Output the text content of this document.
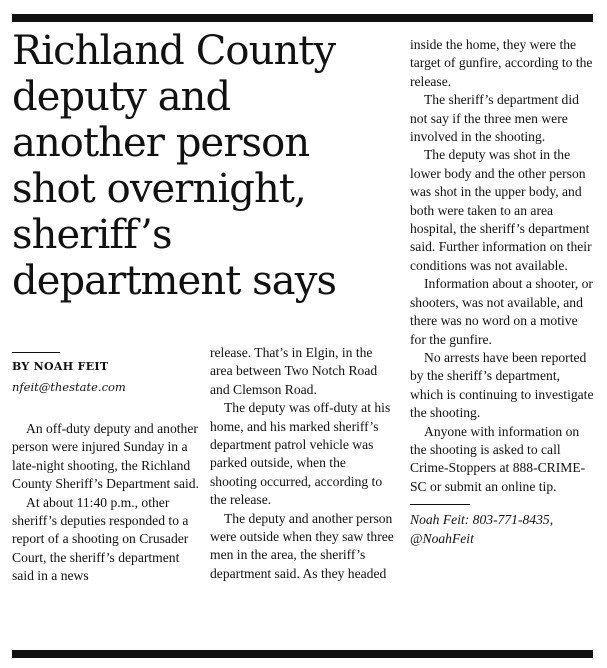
Richland County deputy and another person shot overnight, sheriff’s department says
BY NOAH FEIT
nfeit@thestate.com

An off-duty deputy and another person were injured Sunday in a late-night shooting, the Richland County Sheriff’s Department said.

At about 11:40 p.m., other sheriff’s deputies responded to a report of a shooting on Crusader Court, the sheriff’s department said in a news

release. That’s in Elgin, in the area between Two Notch Road and Clemson Road.

The deputy was off-duty at his home, and his marked sheriff’s department patrol vehicle was parked outside, when the shooting occurred, according to the release.

The deputy and another person were outside when they saw three men in the area, the sheriff’s department said. As they headed

inside the home, they were the target of gunfire, according to the release.

The sheriff’s department did not say if the three men were involved in the shooting.

The deputy was shot in the lower body and the other person was shot in the upper body, and both were taken to an area hospital, the sheriff’s department said. Further information on their conditions was not available.

Information about a shooter, or shooters, was not available, and there was no word on a motive for the gunfire.

No arrests have been reported by the sheriff’s department, which is continuing to investigate the shooting.

Anyone with information on the shooting is asked to call Crime-Stoppers at 888-CRIME-SC or submit an online tip.

Noah Feit: 803-771-8435, @NoahFeit
